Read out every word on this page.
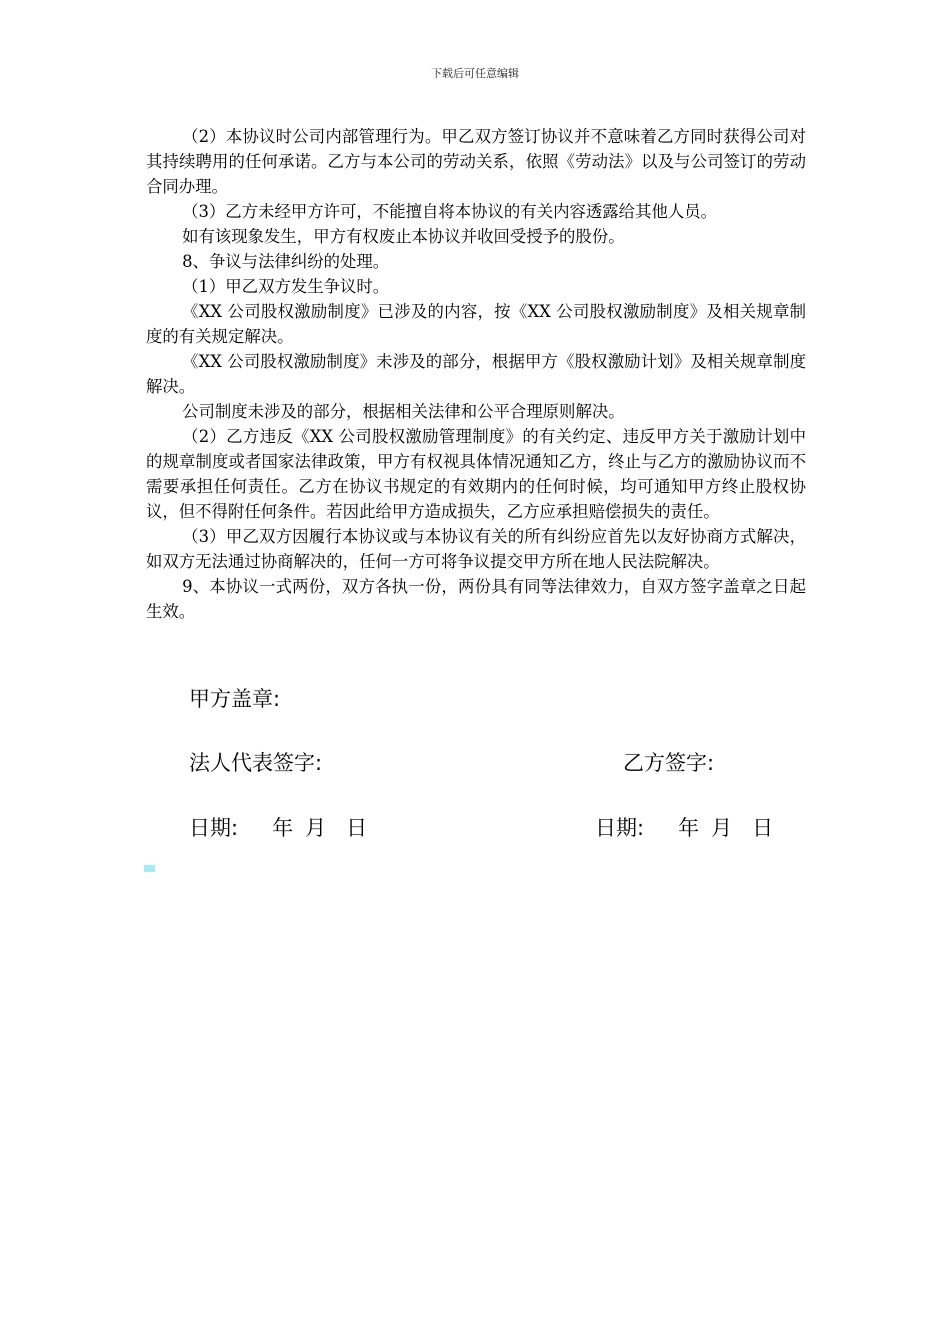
下载后可任意编辑

（2）本协议时公司内部管理行为。甲乙双方签订协议并不意味着乙方同时获得公司对其持续聘用的任何承诺。乙方与本公司的劳动关系，依照《劳动法》以及与公司签订的劳动合同办理。

（3）乙方未经甲方许可，不能擅自将本协议的有关内容透露给其他人员。

如有该现象发生，甲方有权废止本协议并收回受授予的股份。

8、争议与法律纠纷的处理。

（1）甲乙双方发生争议时。

《XX 公司股权激励制度》已涉及的内容，按《XX 公司股权激励制度》及相关规章制度的有关规定解决。

《XX 公司股权激励制度》未涉及的部分，根据甲方《股权激励计划》及相关规章制度解决。

公司制度未涉及的部分，根据相关法律和公平合理原则解决。

（2）乙方违反《XX 公司股权激励管理制度》的有关约定、违反甲方关于激励计划中的规章制度或者国家法律政策，甲方有权视具体情况通知乙方，终止与乙方的激励协议而不需要承担任何责任。乙方在协议书规定的有效期内的任何时候，均可通知甲方终止股权协议，但不得附任何条件。若因此给甲方造成损失，乙方应承担赔偿损失的责任。

（3）甲乙双方因履行本协议或与本协议有关的所有纠纷应首先以友好协商方式解决，如双方无法通过协商解决的，任何一方可将争议提交甲方所在地人民法院解决。

9、本协议一式两份，双方各执一份，两份具有同等法律效力，自双方签字盖章之日起生效。

甲方盖章:
法人代表签字:	乙方签字:
日期: 年 月 日	日期: 年 月 日
